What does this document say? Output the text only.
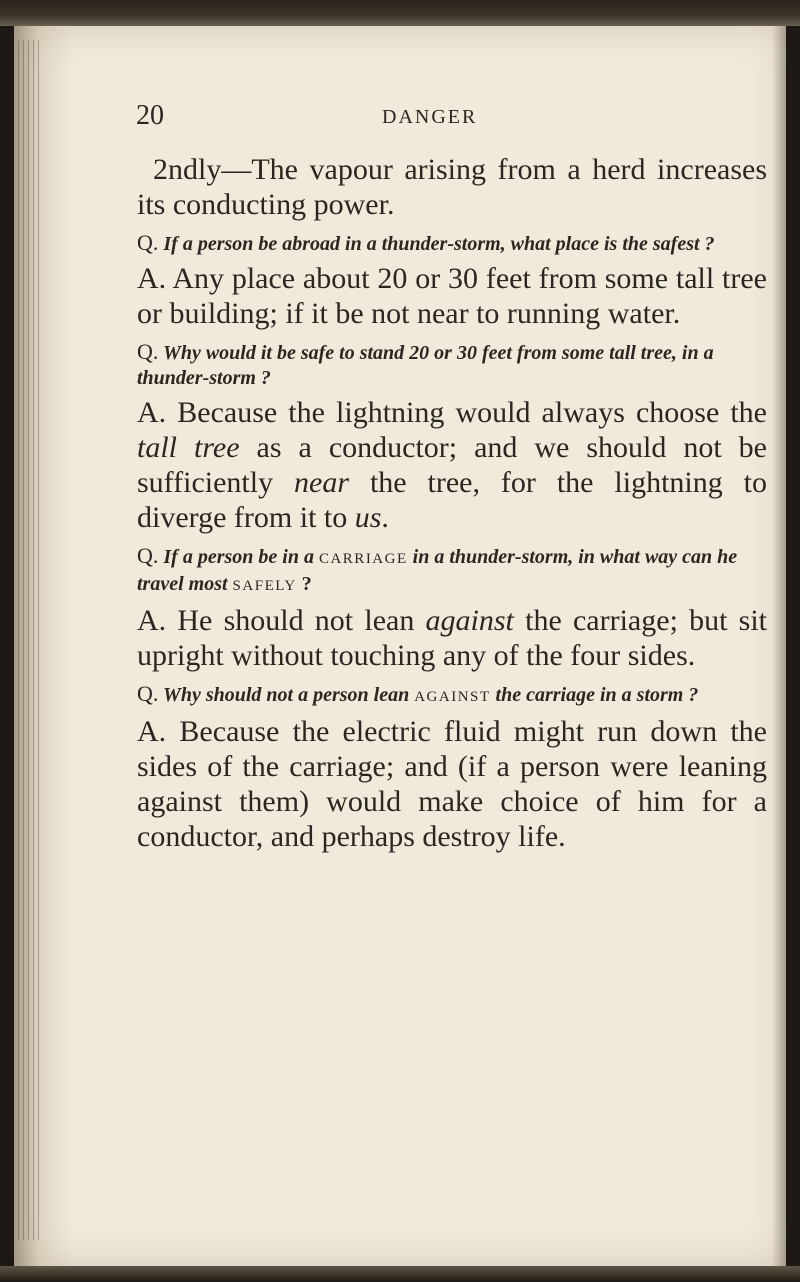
20	DANGER

2ndly—The vapour arising from a herd increases its conducting power.

Q. If a person be abroad in a thunder-storm, what place is the safest ?

A. Any place about 20 or 30 feet from some tall tree or building; if it be not near to running water.

Q. Why would it be safe to stand 20 or 30 feet from some tall tree, in a thunder-storm ?

A. Because the lightning would always choose the tall tree as a conductor; and we should not be sufficiently near the tree, for the lightning to diverge from it to us.

Q. If a person be in a CARRIAGE in a thunder-storm, in what way can he travel most SAFELY ?

A. He should not lean against the carriage; but sit upright without touching any of the four sides.

Q. Why should not a person lean AGAINST the carriage in a storm ?

A. Because the electric fluid might run down the sides of the carriage; and (if a person were leaning against them) would make choice of him for a conductor, and perhaps destroy life.
